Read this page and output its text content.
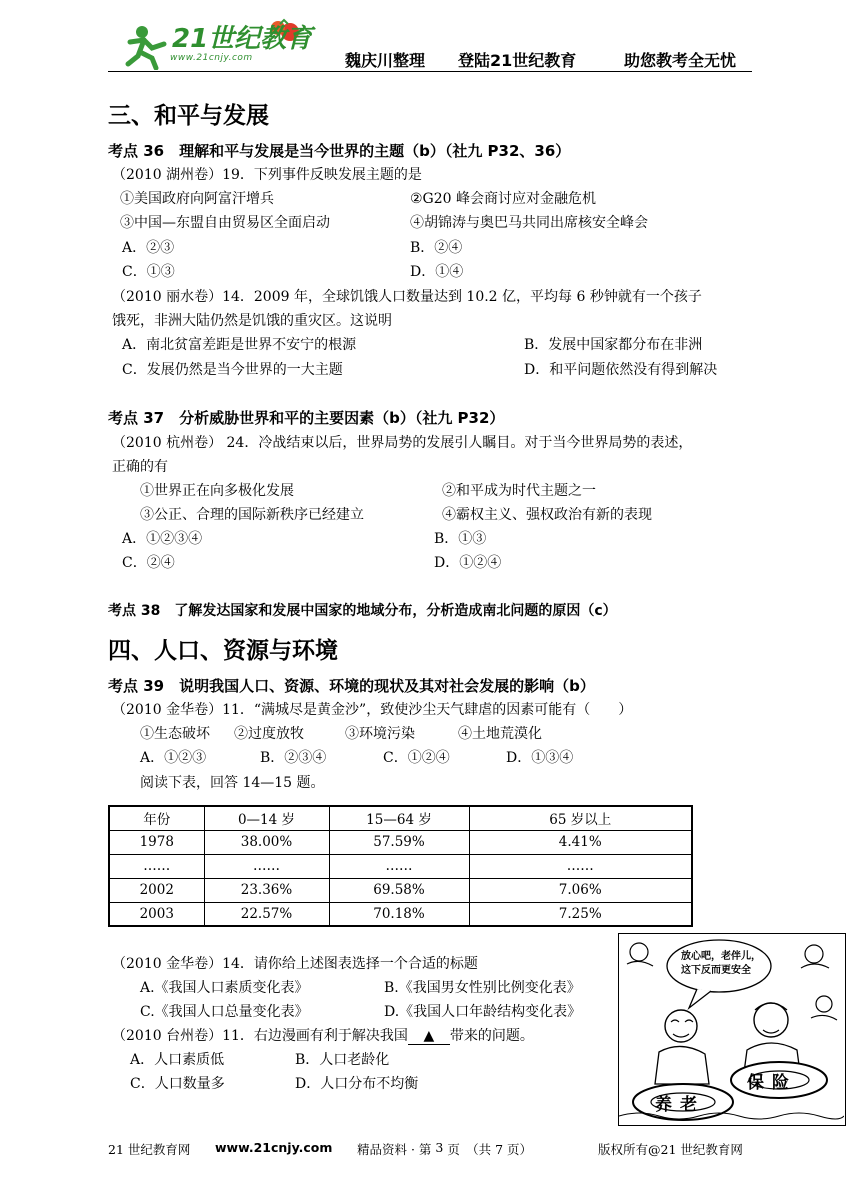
21世纪教育
www.21cnjy.com	魏庆川整理 登陆21世纪教育	助您教考全无忧
三、和平与发展
考点 36　理解和平与发展是当今世界的主题（b）（社九 P32、36）
（2010 湖州卷）19．下列事件反映发展主题的是
①美国政府向阿富汗增兵	②G20 峰会商讨应对金融危机
③中国—东盟自由贸易区全面启动	④胡锦涛与奥巴马共同出席核安全峰会
A．②③	B．②④
C．①③	D．①④
（2010 丽水卷）14．2009 年，全球饥饿人口数量达到 10.2 亿，平均每 6 秒钟就有一个孩子
饿死，非洲大陆仍然是饥饿的重灾区。这说明
A．南北贫富差距是世界不安宁的根源	B．发展中国家都分布在非洲
C．发展仍然是当今世界的一大主题	D．和平问题依然没有得到解决
考点 37　分析威胁世界和平的主要因素（b）（社九 P32）
（2010 杭州卷） 24．冷战结束以后，世界局势的发展引人瞩目。对于当今世界局势的表述，
正确的有
①世界正在向多极化发展	②和平成为时代主题之一
③公正、合理的国际新秩序已经建立	④霸权主义、强权政治有新的表现
A．①②③④	B．①③
C．②④	D．①②④
考点 38　了解发达国家和发展中国家的地域分布，分析造成南北问题的原因（c）
四、人口、资源与环境
考点 39　说明我国人口、资源、环境的现状及其对社会发展的影响（b）
（2010 金华卷）11．“满城尽是黄金沙”，致使沙尘天气肆虐的因素可能有（　　）
①生态破坏 ②过度放牧	③环境污染	④土地荒漠化
A．①②③	B．②③④	C．①②④	D．①③④
阅读下表，回答 14—15 题。
年份	0—14 岁	15—64 岁	65 岁以上
1978	38.00%	57.59%	4.41%
……	……	……	……
2002	23.36%	69.58%	7.06%
2003	22.57%	70.18%	7.25%
（2010 金华卷）14．请你给上述图表选择一个合适的标题
A.《我国人口素质变化表》	B.《我国男女性别比例变化表》
C.《我国人口总量变化表》	D.《我国人口年龄结构变化表》
（2010 台州卷）11．右边漫画有利于解决我国 ▲ 带来的问题。
A．人口素质低	B．人口老龄化
C．人口数量多	D．人口分布不均衡
放心吧，老伴儿，
这下反而更安全
保险
养老
21 世纪教育网 www.21cnjy.com 精品资料 · 第 3 页　（共 7 页）	版权所有@21 世纪教育网
